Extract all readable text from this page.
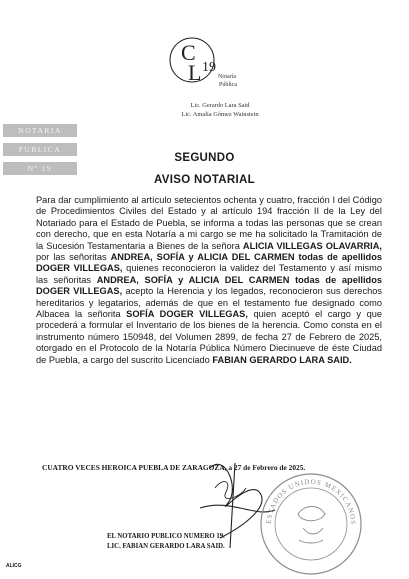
C
L 19
Notaría
Pública
Lic. Gerardo Lara Said
Lic. Amalia Gómez Wainstein
NOTARIA
PUBLICA
Nº 19
SEGUNDO
AVISO NOTARIAL

Para dar cumplimiento al artículo setecientos ochenta y cuatro, fracción I del Código de Procedimientos Civiles del Estado y al artículo 194 fracción II de la Ley del Notariado para el Estado de Puebla, se informa a todas las personas que se crean con derecho, que en esta Notaría a mi cargo se me ha solicitado la Tramitación de la Sucesión Testamentaria a Bienes de la señora ALICIA VILLEGAS OLAVARRIA, por las señoritas ANDREA, SOFÍA y ALICIA DEL CARMEN todas de apellidos DOGER VILLEGAS, quienes reconocieron la validez del Testamento y así mismo las señoritas ANDREA, SOFÍA y ALICIA DEL CARMEN todas de apellidos DOGER VILLEGAS, acepto la Herencia y los legados, reconocieron sus derechos hereditarios y legatarios, además de que en el testamento fue designado como Albacea la señorita SOFÍA DOGER VILLEGAS, quien aceptó el cargo y que procederá a formular el Inventario de los bienes de la herencia. Como consta en el instrumento número 150948, del Volumen 2899, de fecha 27 de Febrero de 2025, otorgado en el Protocolo de la Notaría Pública Número Diecinueve de éste Ciudad de Puebla, a cargo del suscrito Licenciado FABIAN GERARDO LARA SAID.

ESTADOS UNIDOS MEXICANOS
CUATRO VECES HEROICA PUEBLA DE ZARAGOZA, a 27 de Febrero de 2025.
EL NOTARIO PUBLICO NUMERO 19.
LIC. FABIAN GERARDO LARA SAID.
ALICG
